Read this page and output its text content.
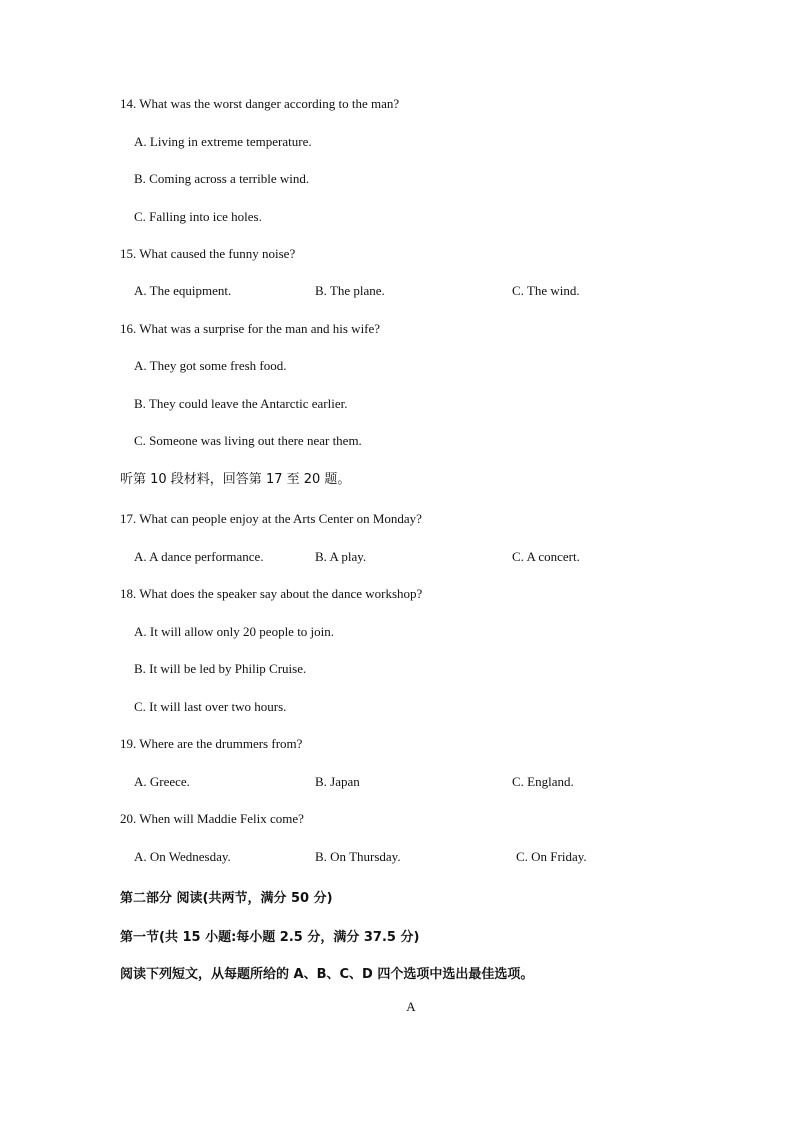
14. What was the worst danger according to the man?
A. Living in extreme temperature.
B. Coming across a terrible wind.
C. Falling into ice holes.
15. What caused the funny noise?
A. The equipment.	B. The plane.	C. The wind.
16. What was a surprise for the man and his wife?
A. They got some fresh food.
B. They could leave the Antarctic earlier.
C. Someone was living out there near them.
听第 10 段材料，回答第 17 至 20 题。
17. What can people enjoy at the Arts Center on Monday?
A. A dance performance.	B. A play.	C. A concert.
18. What does the speaker say about the dance workshop?
A. It will allow only 20 people to join.
B. It will be led by Philip Cruise.
C. It will last over two hours.
19. Where are the drummers from?
A. Greece.	B. Japan	C. England.
20. When will Maddie Felix come?
A. On Wednesday.	B. On Thursday.	C. On Friday.
第二部分 阅读(共两节，满分 50 分)
第一节(共 15 小题:每小题 2.5 分，满分 37.5 分)
阅读下列短文，从每题所给的 A、B、C、D 四个选项中选出最佳选项。
A
